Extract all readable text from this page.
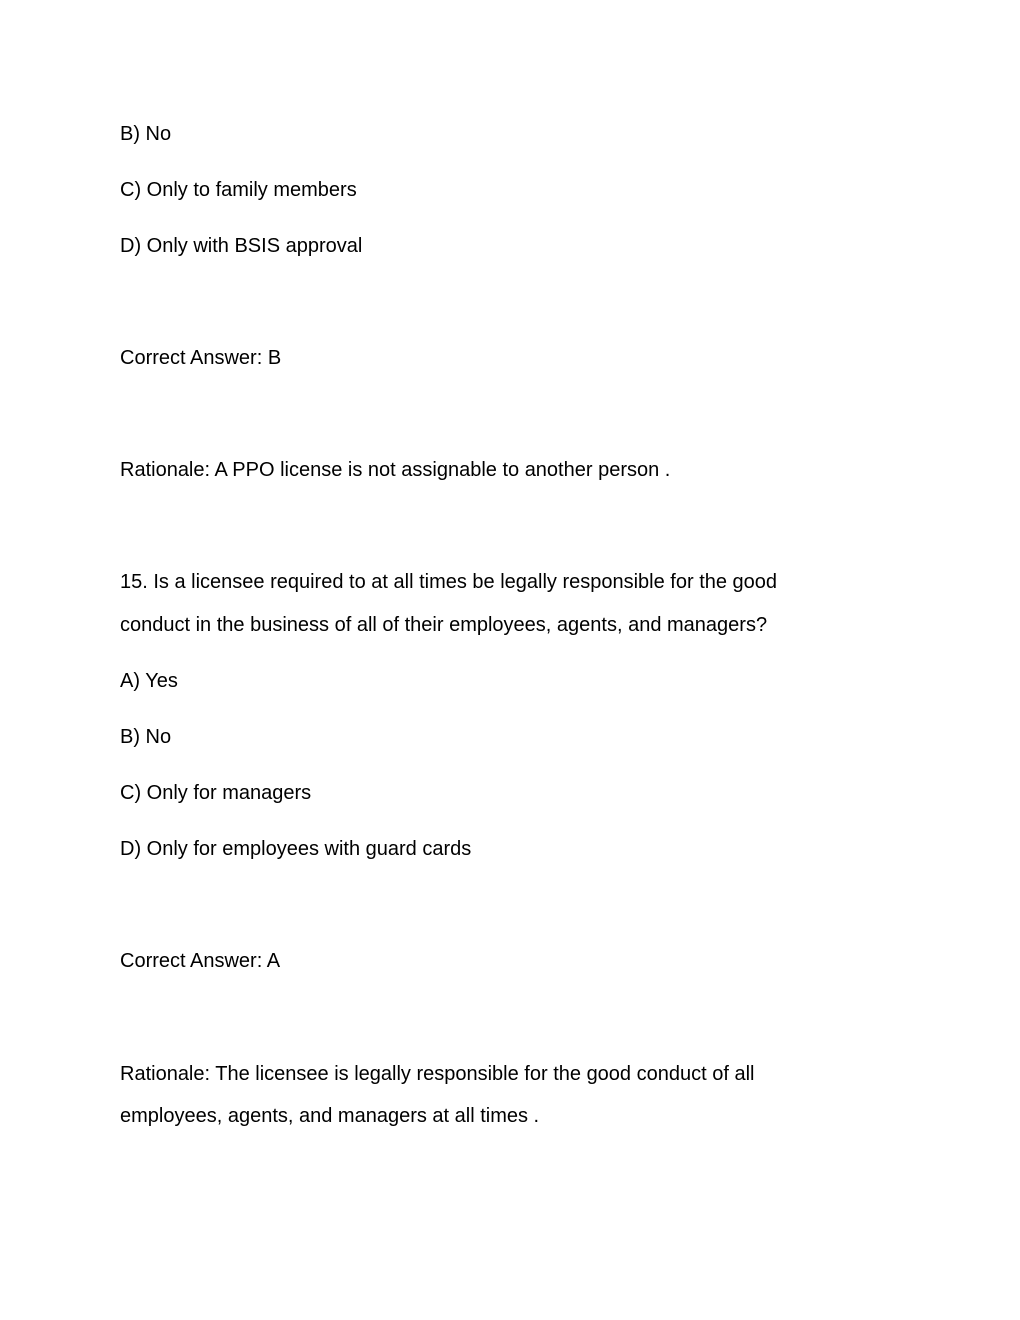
B) No
C) Only to family members
D) Only with BSIS approval
Correct Answer: B
Rationale: A PPO license is not assignable to another person .
15. Is a licensee required to at all times be legally responsible for the good
conduct in the business of all of their employees, agents, and managers?
A) Yes
B) No
C) Only for managers
D) Only for employees with guard cards
Correct Answer: A
Rationale: The licensee is legally responsible for the good conduct of all
employees, agents, and managers at all times .
